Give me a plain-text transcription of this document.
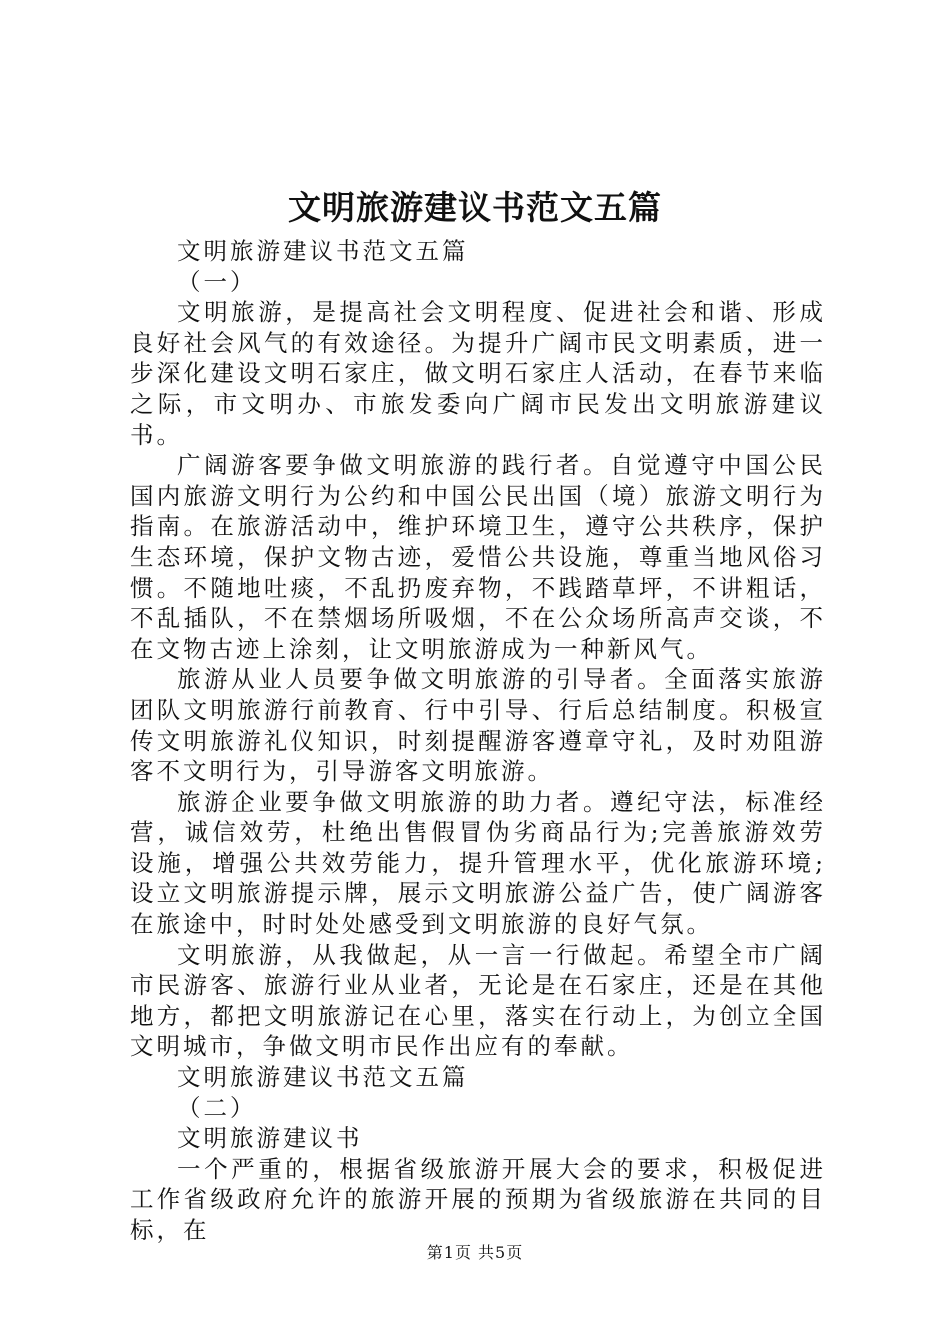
文明旅游建议书范文五篇

文明旅游建议书范文五篇

（一）

文明旅游，是提高社会文明程度、促进社会和谐、形成良好社会风气的有效途径。为提升广阔市民文明素质，进一步深化建设文明石家庄，做文明石家庄人活动，在春节来临之际，市文明办、市旅发委向广阔市民发出文明旅游建议书。

广阔游客要争做文明旅游的践行者。自觉遵守中国公民国内旅游文明行为公约和中国公民出国（境）旅游文明行为指南。在旅游活动中，维护环境卫生，遵守公共秩序，保护生态环境，保护文物古迹，爱惜公共设施，尊重当地风俗习惯。不随地吐痰，不乱扔废弃物，不践踏草坪，不讲粗话，不乱插队，不在禁烟场所吸烟，不在公众场所高声交谈，不在文物古迹上涂刻，让文明旅游成为一种新风气。

旅游从业人员要争做文明旅游的引导者。全面落实旅游团队文明旅游行前教育、行中引导、行后总结制度。积极宣传文明旅游礼仪知识，时刻提醒游客遵章守礼，及时劝阻游客不文明行为，引导游客文明旅游。

旅游企业要争做文明旅游的助力者。遵纪守法，标准经营，诚信效劳，杜绝出售假冒伪劣商品行为;完善旅游效劳设施，增强公共效劳能力，提升管理水平，优化旅游环境;设立文明旅游提示牌，展示文明旅游公益广告，使广阔游客在旅途中，时时处处感受到文明旅游的良好气氛。

文明旅游，从我做起，从一言一行做起。希望全市广阔市民游客、旅游行业从业者，无论是在石家庄，还是在其他地方，都把文明旅游记在心里，落实在行动上，为创立全国文明城市，争做文明市民作出应有的奉献。

文明旅游建议书范文五篇

（二）

文明旅游建议书

一个严重的，根据省级旅游开展大会的要求，积极促进工作省级政府允许的旅游开展的预期为省级旅游在共同的目标，在

第1页 共5页
